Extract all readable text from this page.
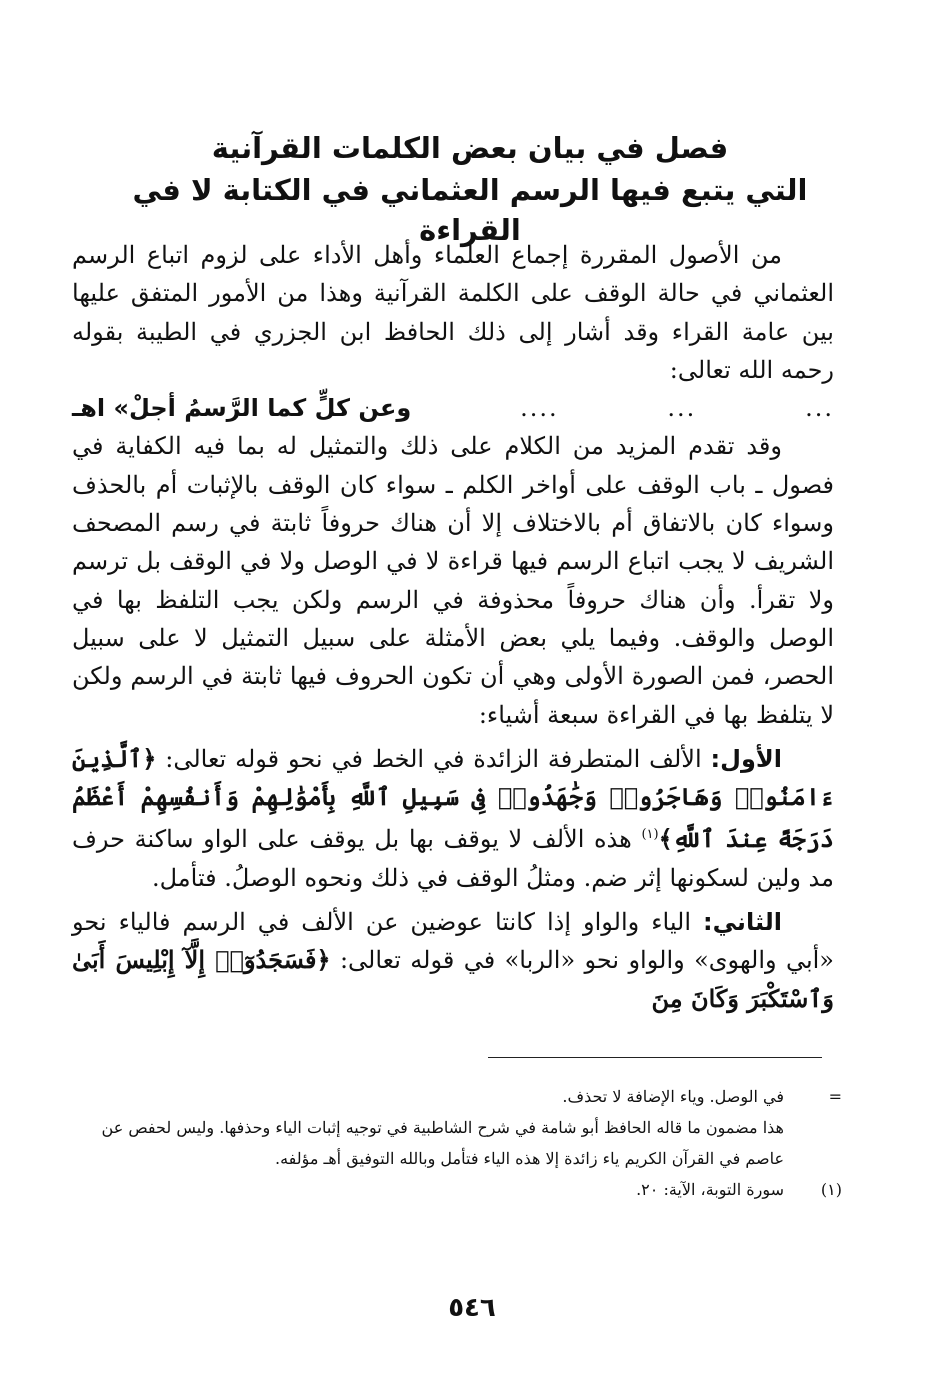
فصل في بيان بعض الكلمات القرآنية
التي يتبع فيها الرسم العثماني في الكتابة لا في القراءة

من الأصول المقررة إجماع العلماء وأهل الأداء على لزوم اتباع الرسم العثماني في حالة الوقف على الكلمة القرآنية وهذا من الأمور المتفق عليها بين عامة القراء وقد أشار إلى ذلك الحافظ ابن الجزري في الطيبة بقوله رحمه الله تعالى:

...
...
....
وعن كلٍّ كما الرَّسمُ أجلْ» اهـ

وقد تقدم المزيد من الكلام على ذلك والتمثيل له بما فيه الكفاية في فصول ـ باب الوقف على أواخر الكلم ـ سواء كان الوقف بالإثبات أم بالحذف وسواء كان بالاتفاق أم بالاختلاف إلا أن هناك حروفاً ثابتة في رسم المصحف الشريف لا يجب اتباع الرسم فيها قراءة لا في الوصل ولا في الوقف بل ترسم ولا تقرأ. وأن هناك حروفاً محذوفة في الرسم ولكن يجب التلفظ بها في الوصل والوقف. وفيما يلي بعض الأمثلة على سبيل التمثيل لا على سبيل الحصر، فمن الصورة الأولى وهي أن تكون الحروف فيها ثابتة في الرسم ولكن لا يتلفظ بها في القراءة سبعة أشياء:

الأول: الألف المتطرفة الزائدة في الخط في نحو قوله تعالى: ﴿ٱلَّذِينَ ءَامَنُوا۟ وَهَاجَرُوا۟ وَجَٰهَدُوا۟ فِى سَبِيلِ ٱللَّهِ بِأَمْوَٰلِهِمْ وَأَنفُسِهِمْ أَعْظَمُ دَرَجَةً عِندَ ٱللَّهِ﴾$^{(١)}$ هذه الألف لا يوقف بها بل يوقف على الواو ساكنة حرف مد ولين لسكونها إثر ضم. ومثلُ الوقف في ذلك ونحوه الوصلُ. فتأمل.

الثاني: الياء والواو إذا كانتا عوضين عن الألف في الرسم فالياء نحو «أبي والهوى» والواو نحو «الربا» في قوله تعالى: ﴿فَسَجَدُوٓا۟ إِلَّآ إِبْلِيسَ أَبَىٰ وَٱسْتَكْبَرَ وَكَانَ مِنَ

=
في الوصل. وياء الإضافة لا تحذف.
هذا مضمون ما قاله الحافظ أبو شامة في شرح الشاطبية في توجيه إثبات الياء وحذفها. وليس لحفص عن عاصم في القرآن الكريم ياء زائدة إلا هذه الياء فتأمل وبالله التوفيق أهـ مؤلفه.

(١)
سورة التوبة، الآية: ٢٠.

٥٤٦
